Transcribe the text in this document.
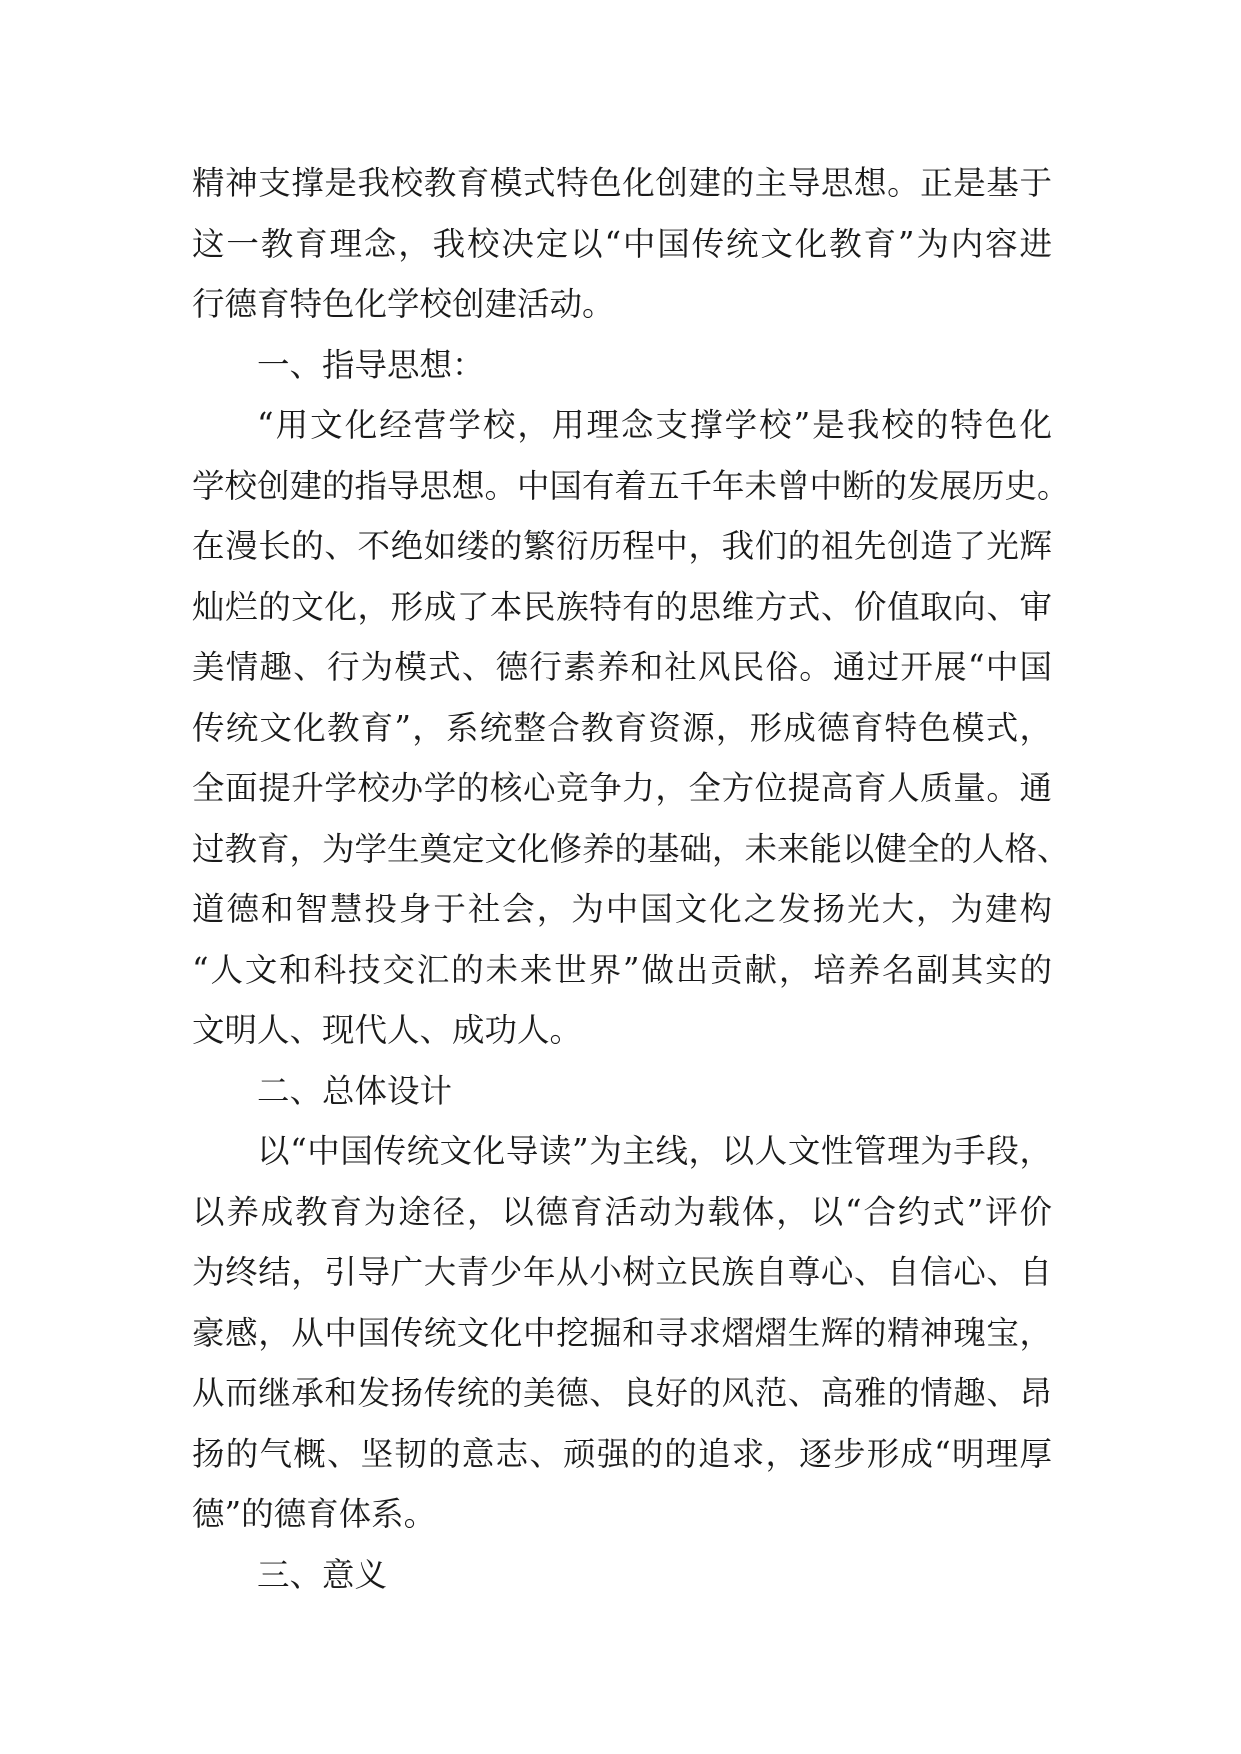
精神支撑是我校教育模式特色化创建的主导思想。正是基于
这一教育理念，我校决定以“中国传统文化教育”为内容进
行德育特色化学校创建活动。
一、指导思想：
“用文化经营学校，用理念支撑学校”是我校的特色化
学校创建的指导思想。中国有着五千年未曾中断的发展历史。
在漫长的、不绝如缕的繁衍历程中，我们的祖先创造了光辉
灿烂的文化，形成了本民族特有的思维方式、价值取向、审
美情趣、行为模式、德行素养和社风民俗。通过开展“中国
传统文化教育”，系统整合教育资源，形成德育特色模式，
全面提升学校办学的核心竞争力，全方位提高育人质量。通
过教育，为学生奠定文化修养的基础，未来能以健全的人格、
道德和智慧投身于社会，为中国文化之发扬光大，为建构
“人文和科技交汇的未来世界”做出贡献，培养名副其实的
文明人、现代人、成功人。
二、总体设计
以“中国传统文化导读”为主线，以人文性管理为手段，
以养成教育为途径，以德育活动为载体，以“合约式”评价
为终结，引导广大青少年从小树立民族自尊心、自信心、自
豪感，从中国传统文化中挖掘和寻求熠熠生辉的精神瑰宝，
从而继承和发扬传统的美德、良好的风范、高雅的情趣、昂
扬的气概、坚韧的意志、顽强的的追求，逐步形成“明理厚
德”的德育体系。
三、意义
